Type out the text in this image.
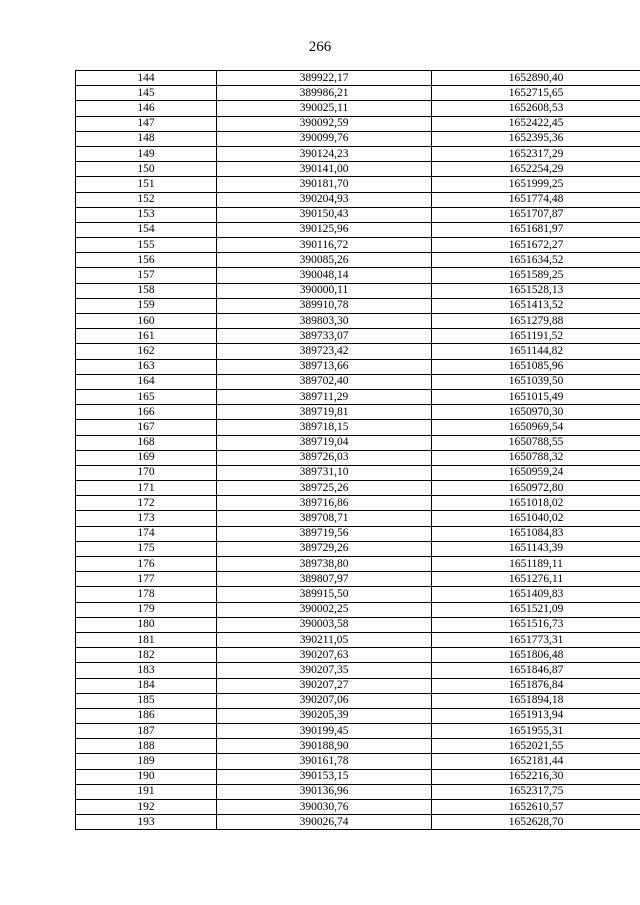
266
144	389922,17	1652890,40
145	389986,21	1652715,65
146	390025,11	1652608,53
147	390092,59	1652422,45
148	390099,76	1652395,36
149	390124,23	1652317,29
150	390141,00	1652254,29
151	390181,70	1651999,25
152	390204,93	1651774,48
153	390150,43	1651707,87
154	390125,96	1651681,97
155	390116,72	1651672,27
156	390085,26	1651634,52
157	390048,14	1651589,25
158	390000,11	1651528,13
159	389910,78	1651413,52
160	389803,30	1651279,88
161	389733,07	1651191,52
162	389723,42	1651144,82
163	389713,66	1651085,96
164	389702,40	1651039,50
165	389711,29	1651015,49
166	389719,81	1650970,30
167	389718,15	1650969,54
168	389719,04	1650788,55
169	389726,03	1650788,32
170	389731,10	1650959,24
171	389725,26	1650972,80
172	389716,86	1651018,02
173	389708,71	1651040,02
174	389719,56	1651084,83
175	389729,26	1651143,39
176	389738,80	1651189,11
177	389807,97	1651276,11
178	389915,50	1651409,83
179	390002,25	1651521,09
180	390003,58	1651516,73
181	390211,05	1651773,31
182	390207,63	1651806,48
183	390207,35	1651846,87
184	390207,27	1651876,84
185	390207,06	1651894,18
186	390205,39	1651913,94
187	390199,45	1651955,31
188	390188,90	1652021,55
189	390161,78	1652181,44
190	390153,15	1652216,30
191	390136,96	1652317,75
192	390030,76	1652610,57
193	390026,74	1652628,70
